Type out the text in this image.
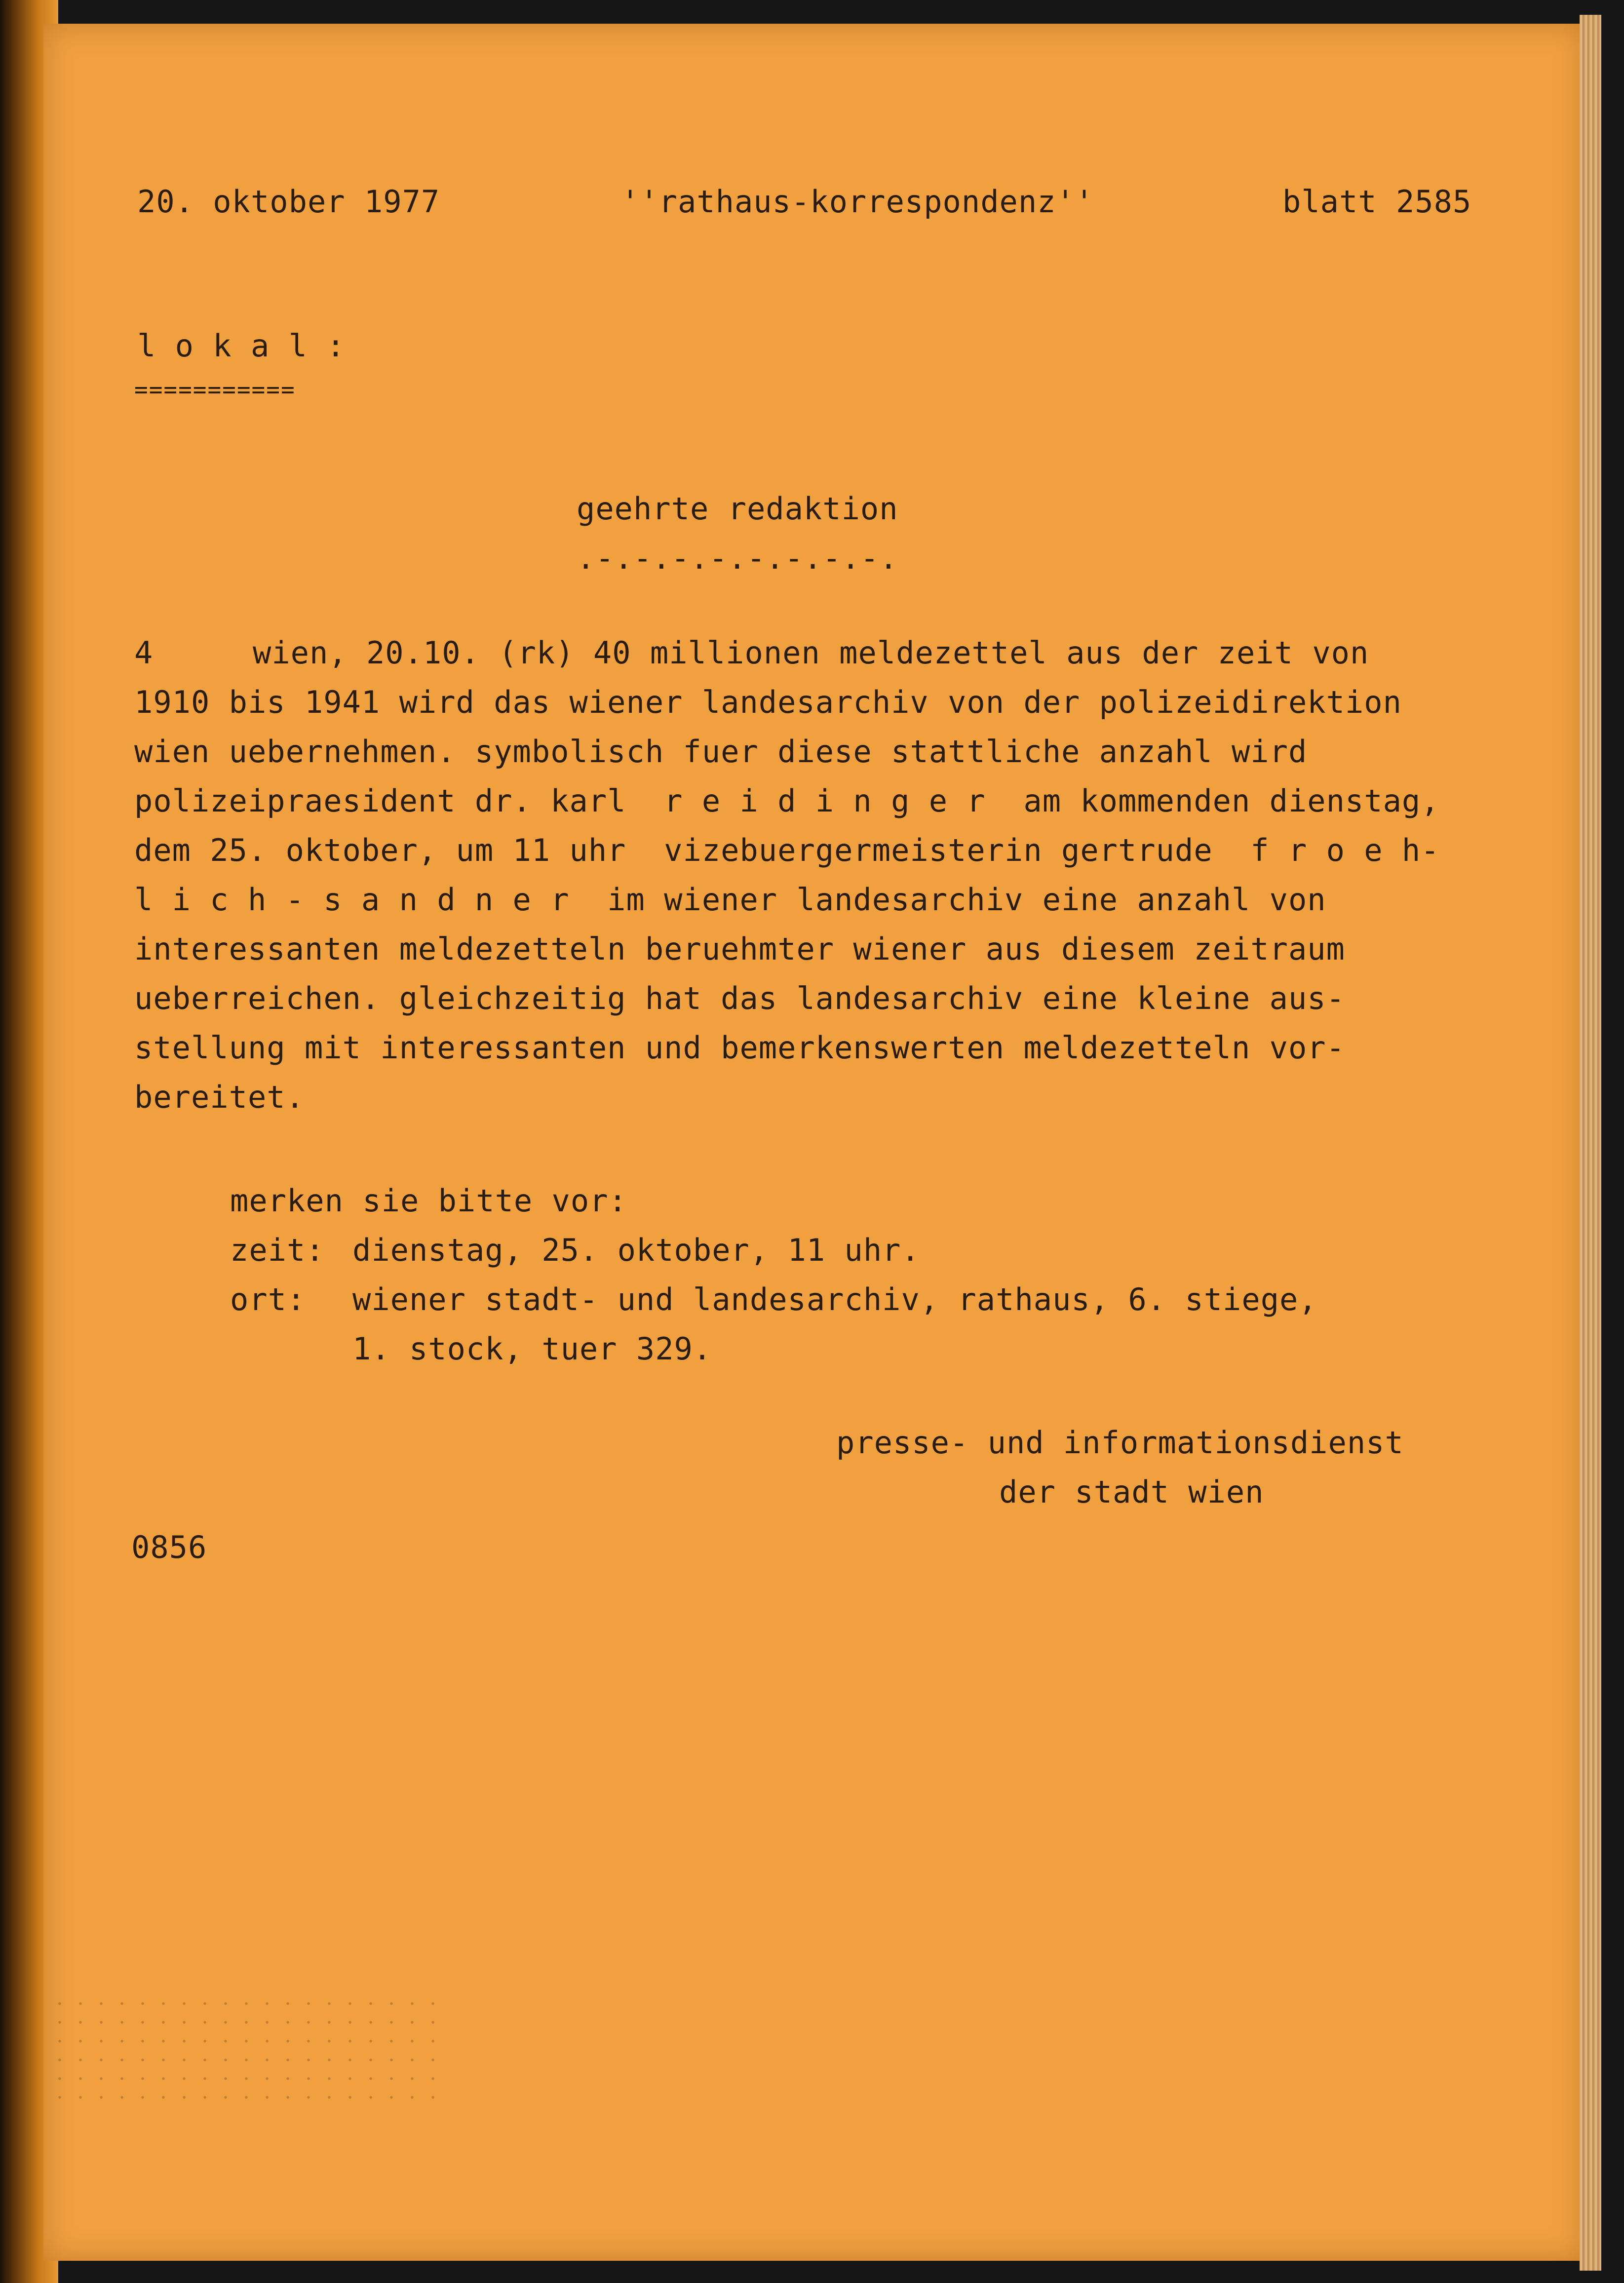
20. oktober 1977	''rathaus-korrespondenz''	blatt 2585

l o k a l :

===========

geehrte redaktion

.-.-.-.-.-.-.-.-.

4	wien, 20.10. (rk) 40 millionen meldezettel aus der zeit von

1910 bis 1941 wird das wiener landesarchiv von der polizeidirektion

wien uebernehmen. symbolisch fuer diese stattliche anzahl wird

polizeipraesident dr. karl  r e i d i n g e r  am kommenden dienstag,

dem 25. oktober, um 11 uhr  vizebuergermeisterin gertrude  f r o e h-

l i c h - s a n d n e r  im wiener landesarchiv eine anzahl von

interessanten meldezetteln beruehmter wiener aus diesem zeitraum

ueberreichen. gleichzeitig hat das landesarchiv eine kleine aus-

stellung mit interessanten und bemerkenswerten meldezetteln vor-

bereitet.

merken sie bitte vor:

zeit: dienstag, 25. oktober, 11 uhr.

ort: wiener stadt- und landesarchiv, rathaus, 6. stiege,

1. stock, tuer 329.

presse- und informationsdienst

der stadt wien

0856
